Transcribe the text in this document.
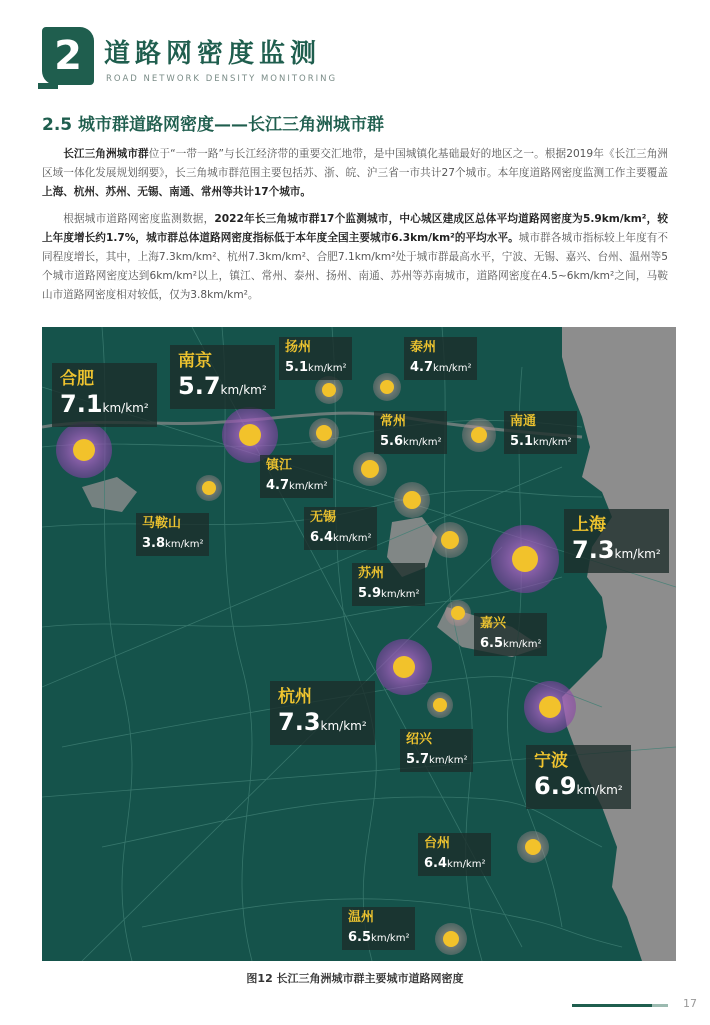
2 道路网密度监测
ROAD NETWORK DENSITY MONITORING
2.5 城市群道路网密度——长江三角洲城市群

长江三角洲城市群位于“一带一路”与长江经济带的重要交汇地带，是中国城镇化基础最好的地区之一。根据2019年《长江三角洲区域一体化发展规划纲要》，长三角城市群范围主要包括苏、浙、皖、沪三省一市共计27个城市。本年度道路网密度监测工作主要覆盖上海、杭州、苏州、无锡、南通、常州等共计17个城市。

根据城市道路网密度监测数据，2022年长三角城市群17个监测城市，中心城区建成区总体平均道路网密度为5.9km/km²，较上年度增长约1.7%，城市群总体道路网密度指标低于本年度全国主要城市6.3km/km²的平均水平。城市群各城市指标较上年度有不同程度增长，其中，上海7.3km/km²、杭州7.3km/km²、合肥7.1km/km²处于城市群最高水平，宁波、无锡、嘉兴、台州、温州等5个城市道路网密度达到6km/km²以上，镇江、常州、泰州、扬州、南通、苏州等苏南城市，道路网密度在4.5~6km/km²之间，马鞍山市道路网密度相对较低，仅为3.8km/km²。

合肥
7.1km/km²
南京
5.7km/km²
扬州
5.1km/km²
泰州
4.7km/km²
常州
5.6km/km²
南通
5.1km/km²
镇江
4.7km/km²
马鞍山
3.8km/km²
无锡
6.4km/km²
上海
7.3km/km²
苏州
5.9km/km²
嘉兴
6.5km/km²
杭州
7.3km/km²
绍兴
5.7km/km²	宁波
6.9km/km²
台州
6.4km/km²
温州
6.5km/km²
图12 长江三角洲城市群主要城市道路网密度
17
